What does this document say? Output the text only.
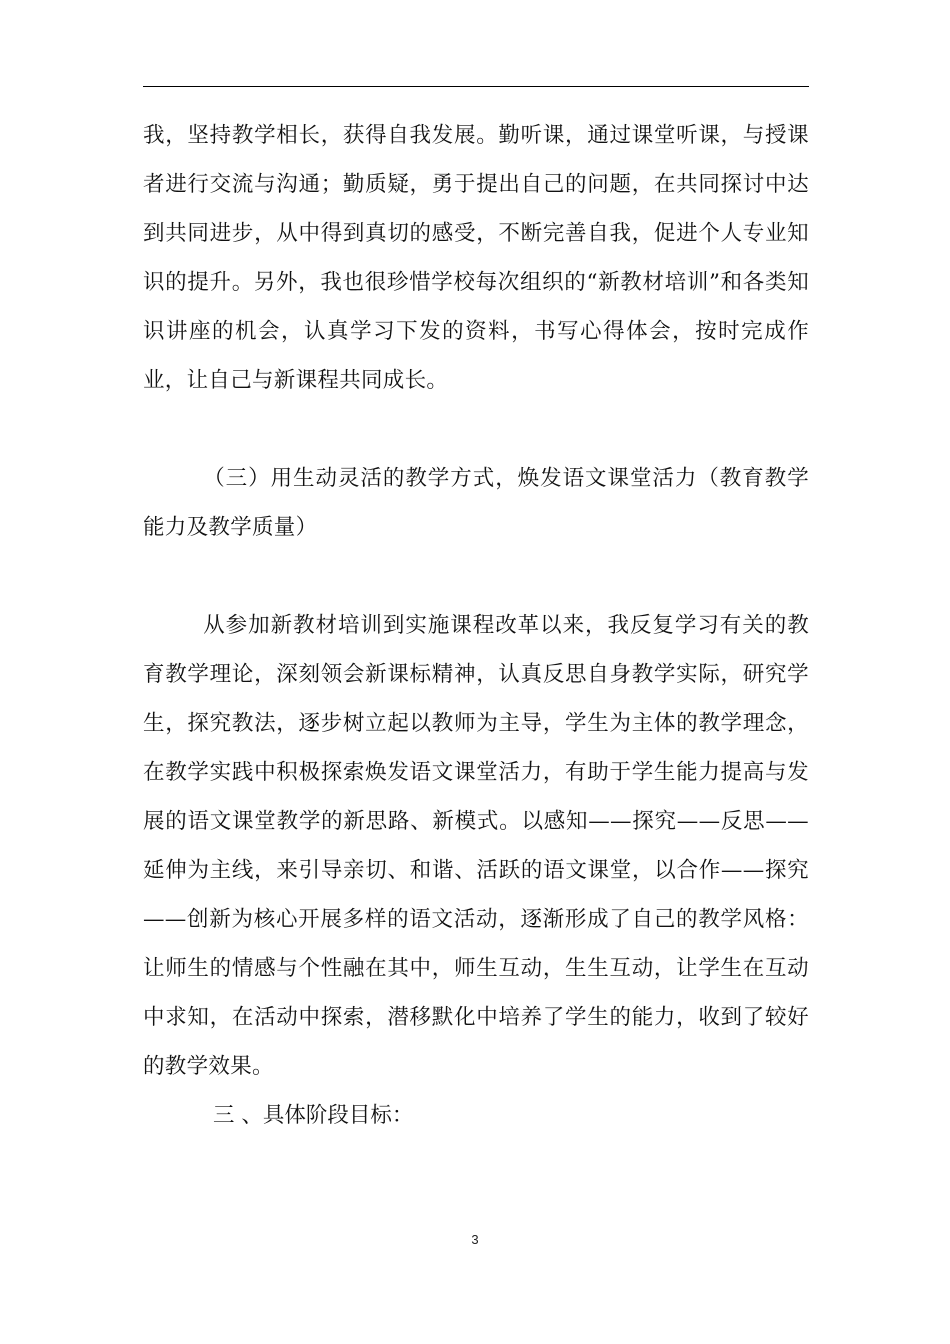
我，坚持教学相长，获得自我发展。勤听课，通过课堂听课，与授课者进行交流与沟通；勤质疑，勇于提出自己的问题，在共同探讨中达到共同进步，从中得到真切的感受，不断完善自我，促进个人专业知识的提升。另外，我也很珍惜学校每次组织的“新教材培训”和各类知识讲座的机会，认真学习下发的资料，书写心得体会，按时完成作业，让自己与新课程共同成长。

（三）用生动灵活的教学方式，焕发语文课堂活力（教育教学能力及教学质量）

从参加新教材培训到实施课程改革以来，我反复学习有关的教育教学理论，深刻领会新课标精神，认真反思自身教学实际，研究学生，探究教法，逐步树立起以教师为主导，学生为主体的教学理念，在教学实践中积极探索焕发语文课堂活力，有助于学生能力提高与发展的语文课堂教学的新思路、新模式。以感知——探究——反思——延伸为主线，来引导亲切、和谐、活跃的语文课堂，以合作——探究——创新为核心开展多样的语文活动，逐渐形成了自己的教学风格：让师生的情感与个性融在其中，师生互动，生生互动，让学生在互动中求知，在活动中探索，潜移默化中培养了学生的能力，收到了较好的教学效果。

三 、具体阶段目标：

3
